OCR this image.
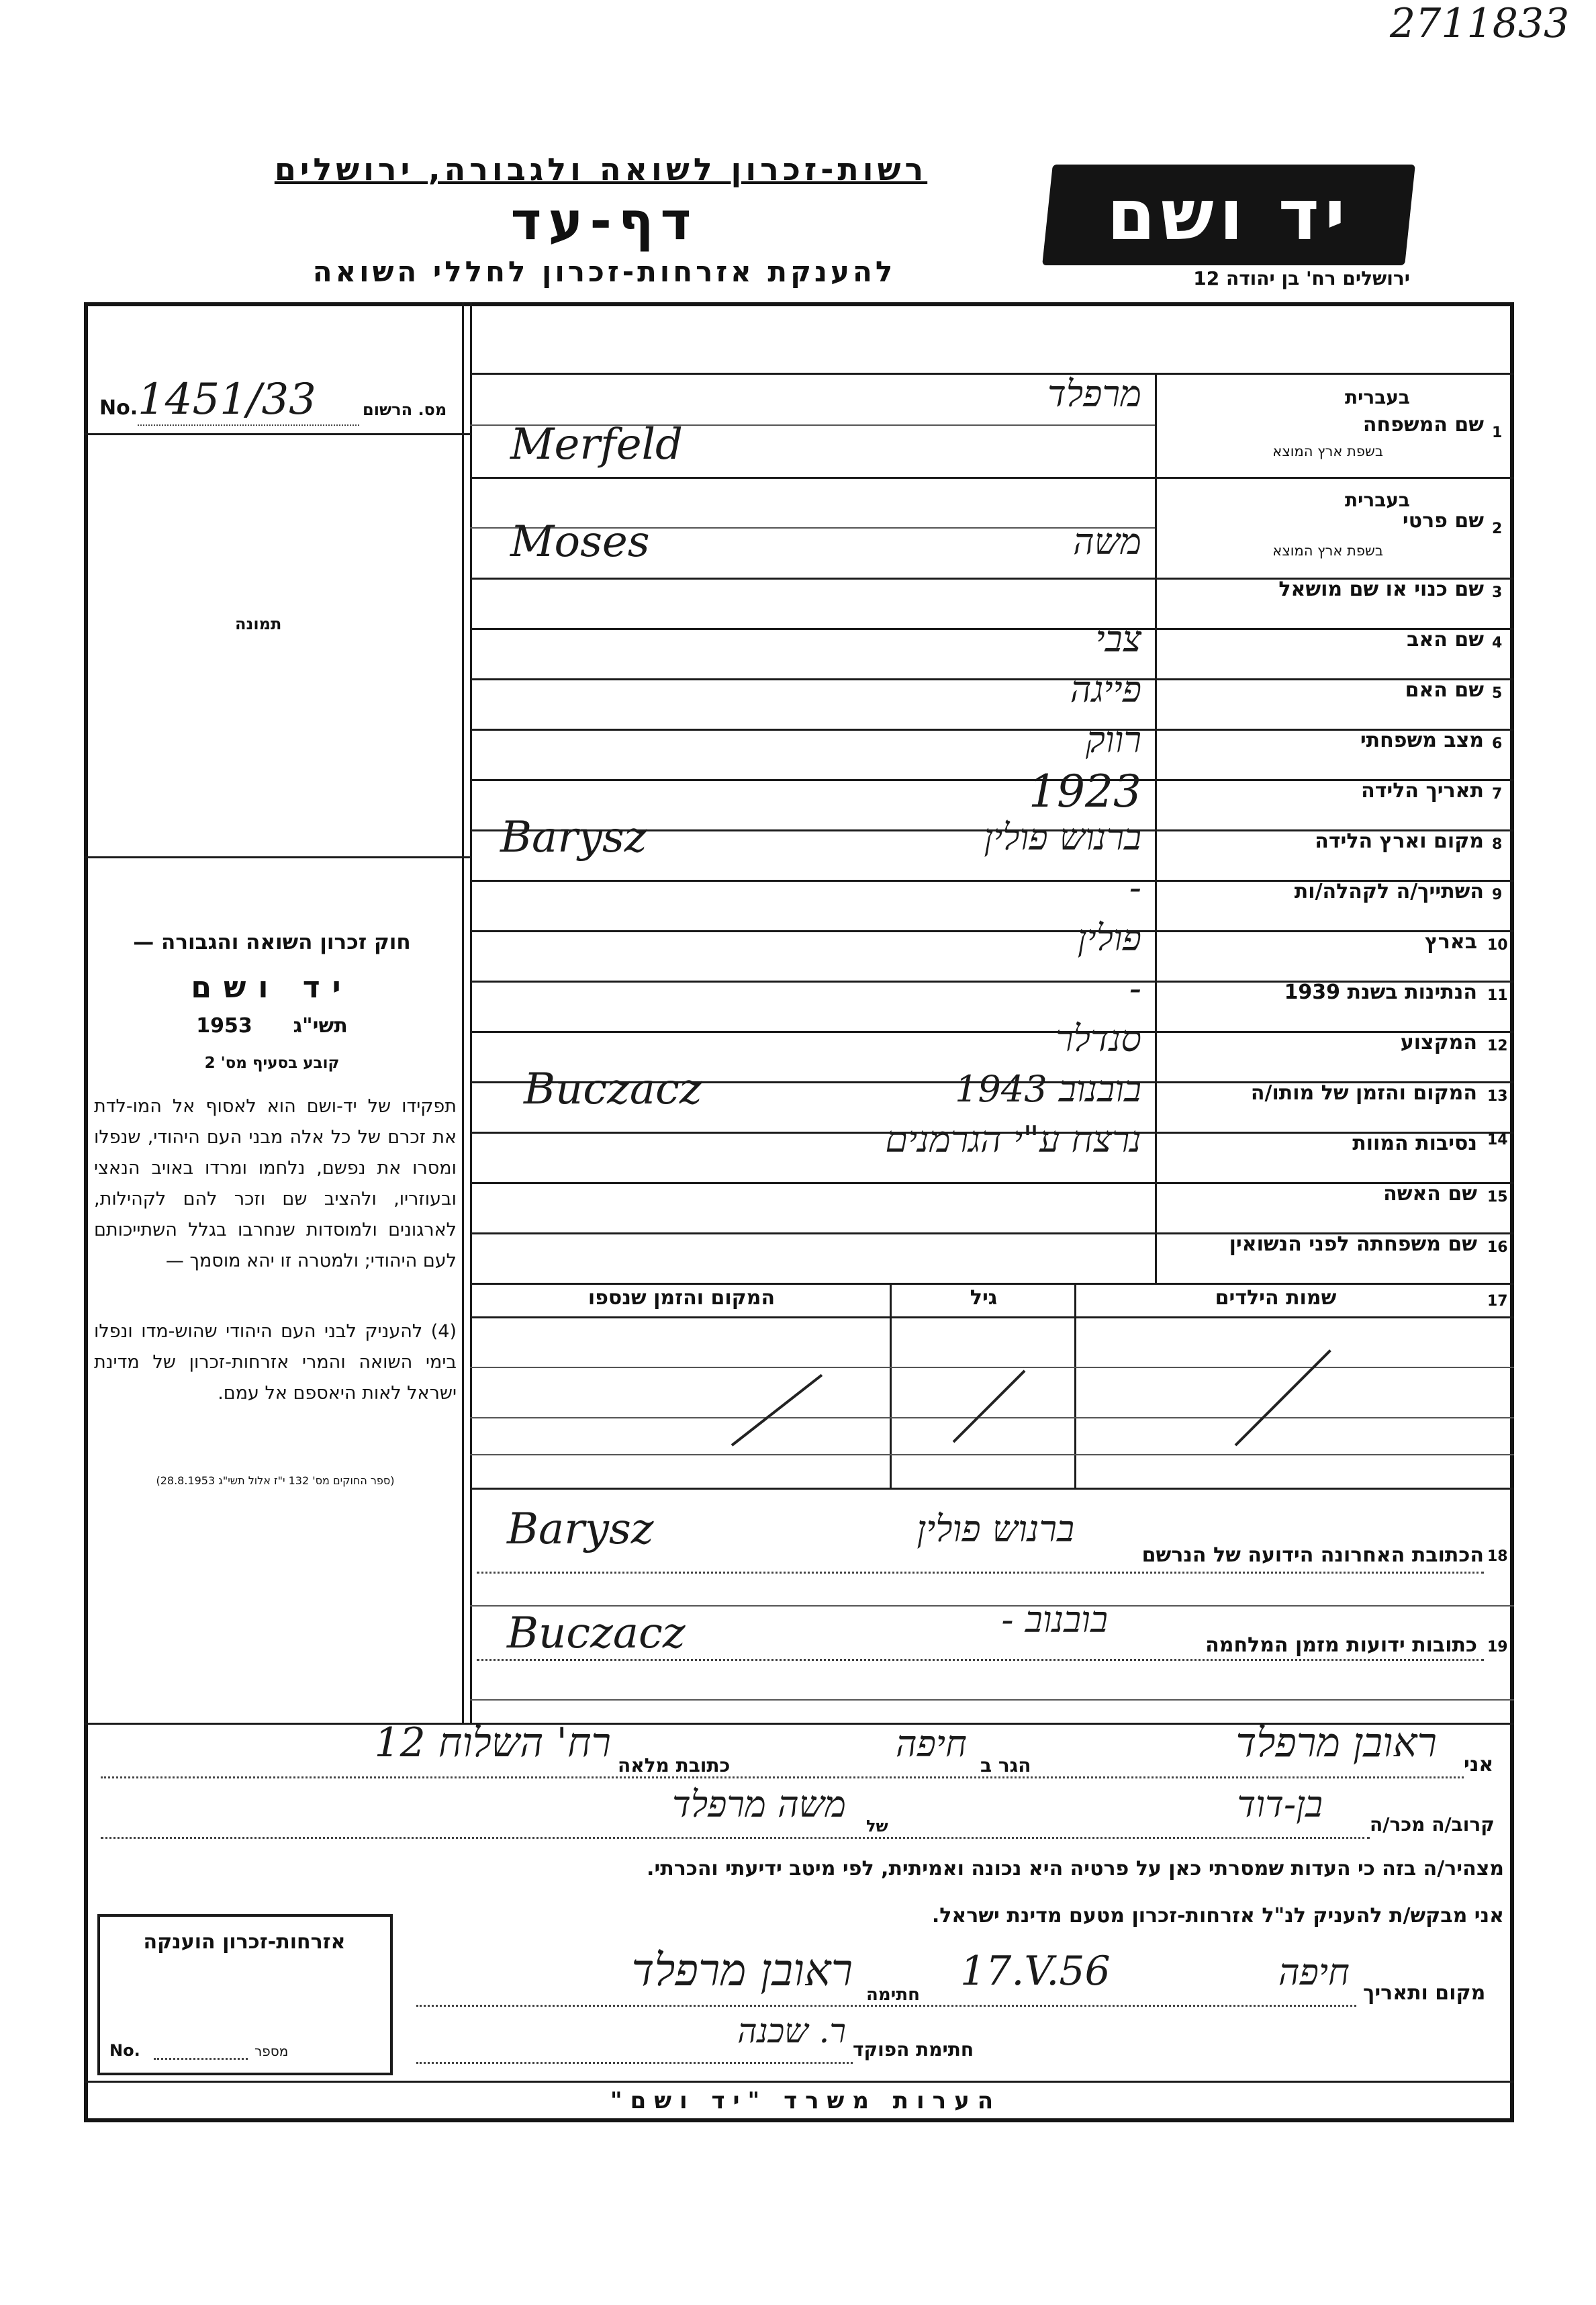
2711833
רשות-זכרון לשואה ולגבורה, ירושלים
דף-עד
להענקת אזרחות-זכרון לחללי השואה
יד ושם
ירושלים רח' בן יהודה 12
No. 1451/33	מס. הרשום
תמונה
1
שם המשפחה
בעברית
בשפת ארץ המוצא
מרפלד
Merfeld
2
שם פרטי
בעברית
בשפת ארץ המוצא
משה
Moses
3
שם כנוי או שם מושאל
4
שם האב
צבי
5
שם האם
פייגה
6
מצב משפחתי
רווק
7
תאריך הלידה
1923
8
מקום וארץ הלידה
ברנוש פולין
Barysz
9
השתייך/ה לקהלה/ות
-
10
בארץ
פולין
11
הנתינות בשנת 1939
-
12
המקצוע
סנדלר
13
המקום והזמן של מותו/ה
בובנוב 1943
Buczacz
14
נסיבות המוות
נרצח ע"י הגרמנים
15
שם האשה
16
שם משפחתה לפני הנשואין
17
שמות הילדים
גיל
המקום והזמן שנספו
18
הכתובת האחרונה הידועה של הנרשם
ברנוש פולין
Barysz
19
כתובות ידועות מזמן המלחמה
בובנוב -
Buczacz
חוק זכרון השואה והגבורה —
יד ושם
1953 תשי"ג
קובע בסעיף מס' 2
תפקידו של יד-ושם הוא לאסוף אל המו-לדת את זכרם של כל אלה מבני העם היהודי, שנפלו ומסרו את נפשם, נלחמו ומרדו באויב הנאצי ובעוזריו, ולהציב שם וזכר להם לקהילות, לארגונים ולמוסדות שנחרבו בגלל השתייכותם לעם היהודי; ולמטרה זו יהא מוסמך —
(4) להעניק לבני העם היהודי שהוש-מדו ונפלו בימי השואה והמרי אזרחות-זכרון של מדינת ישראל לאות היאספם אל עמם.
(ספר החוקים מס' 132 י"ז אלול תשי"ג 28.8.1953)
אני
ראובן מרפלד
הגר ב
חיפה
כתובת מלאה
רח' השלוח 12
קרוב/ה מכר/ה
בן-דוד
של
משה מרפלד
מצהיר/ה בזה כי העדות שמסרתי כאן על פרטיה היא נכונה ואמיתית, לפי מיטב ידיעתי והכרתי.
אני מבקש/ת להעניק לנ"ל אזרחות-זכרון מטעם מדינת ישראל.
מקום ותאריך
חיפה
17.V.56
חתימה
ראובן מרפלד
חתימת הפוקד
ר. שכנה
אזרחות-זכרון הוענקה
No.	מספר
הערות משרד "יד ושם"
